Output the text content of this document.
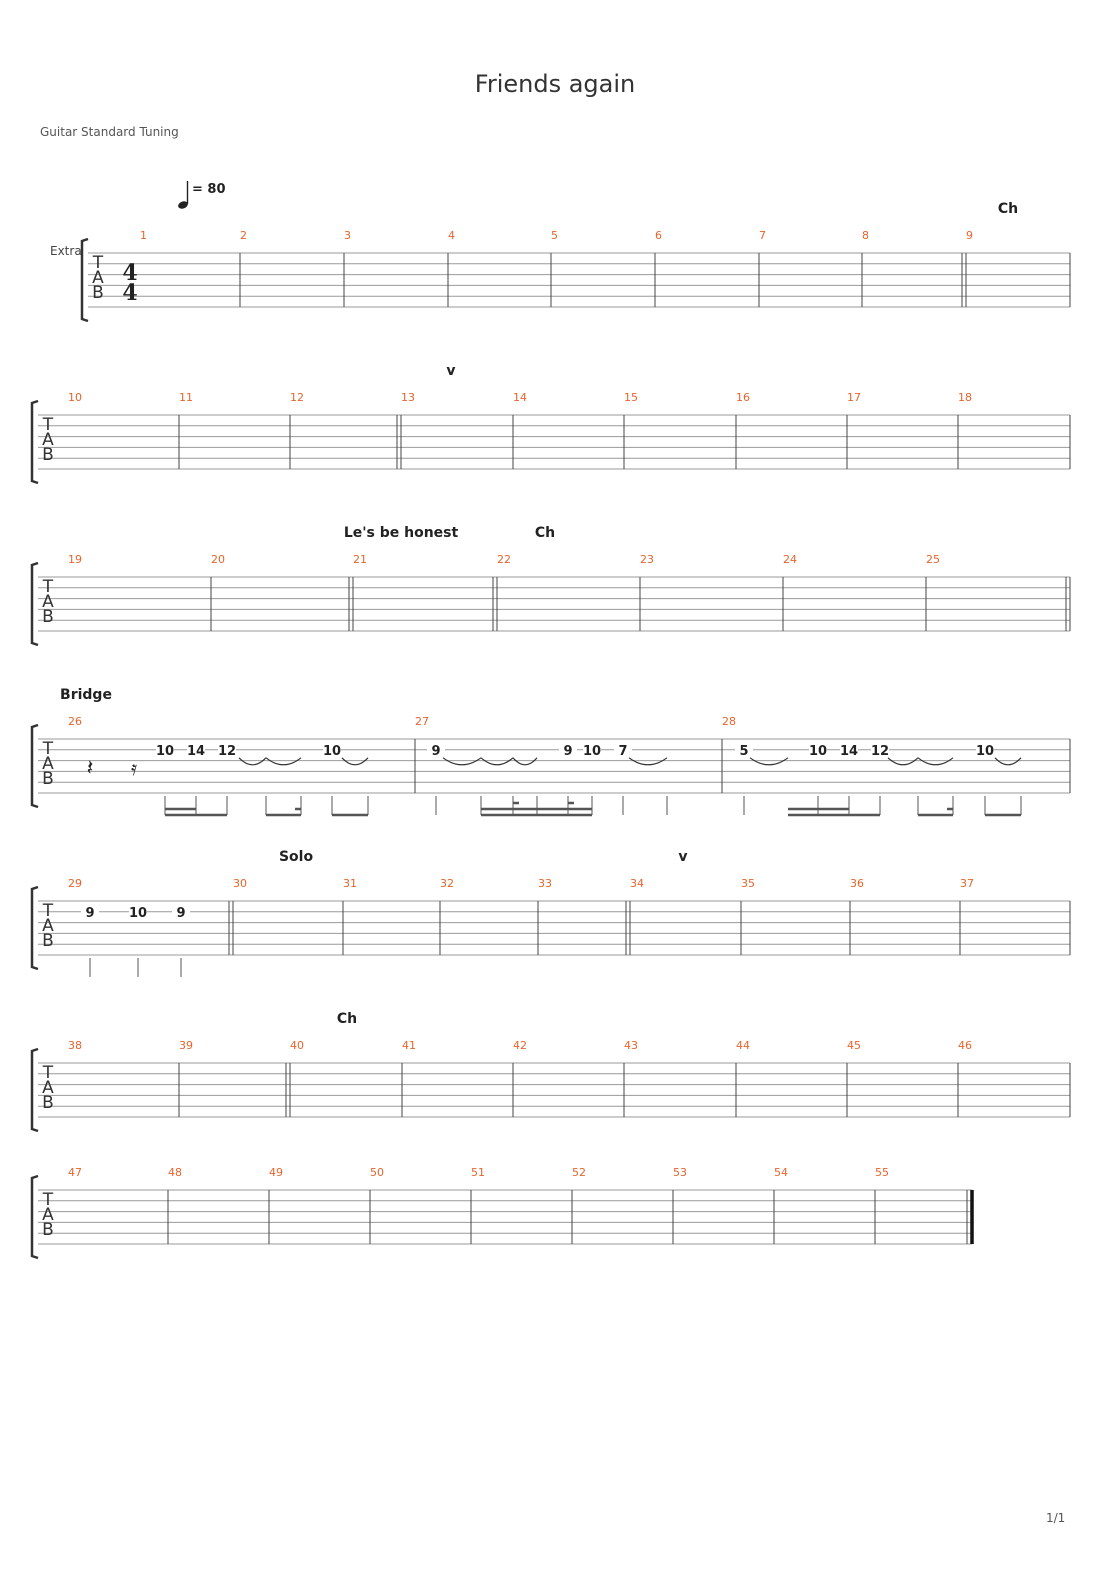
Friends again
Guitar Standard Tuning
1/1
T
A
B
Extra
4
4
= 80
1	2	3	4	5	6	7	8	9
Ch
T
A
B
10	11	12	13	14	15	16	17	18
v
T
A
B
19	20	21	22	23	24	25
Le's be honest	Ch
T
A
B
26	27	28
Bridge
10 14 12	10	9	9 10 7	5	10 14 12	10
𝄽 𝄿
T
A
B
29	30	31	32	33	34	35	36	37
Solo	v
9	10 9
T
A
B
38	39	40	41	42	43	44	45	46
Ch
T
A
B
47	48	49	50	51	52	53	54	55
